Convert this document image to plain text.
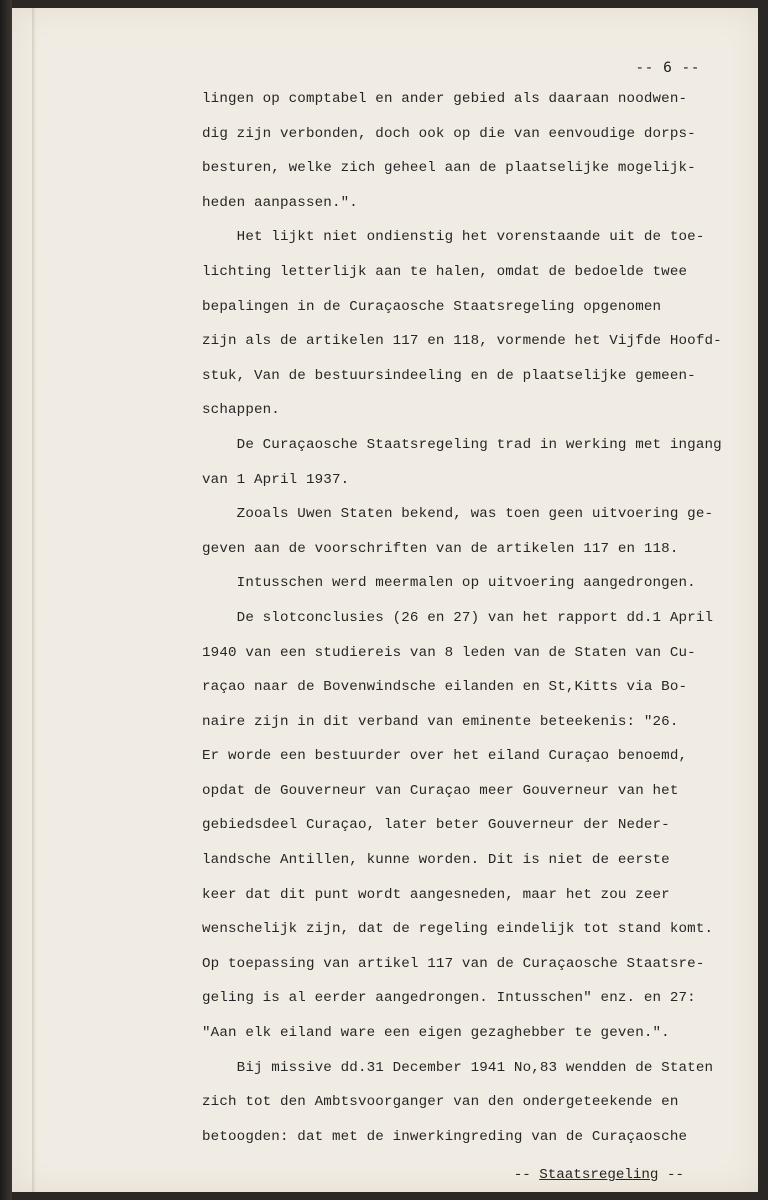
-- 6 --
lingen op comptabel en ander gebied als daaraan noodwen-
dig zijn verbonden, doch ook op die van eenvoudige dorps-
besturen, welke zich geheel aan de plaatselijke mogelijk-
heden aanpassen.".
Het lijkt niet ondienstig het vorenstaande uit de toe-
lichting letterlijk aan te halen, omdat de bedoelde twee
bepalingen in de Curaçaosche Staatsregeling opgenomen
zijn als de artikelen 117 en 118, vormende het Vijfde Hoofd-
stuk, Van de bestuursindeeling en de plaatselijke gemeen-
schappen.
De Curaçaosche Staatsregeling trad in werking met ingang
van 1 April 1937.
Zooals Uwen Staten bekend, was toen geen uitvoering ge-
geven aan de voorschriften van de artikelen 117 en 118.
Intusschen werd meermalen op uitvoering aangedrongen.
De slotconclusies (26 en 27) van het rapport dd.1 April
1940 van een studiereis van 8 leden van de Staten van Cu-
raçao naar de Bovenwindsche eilanden en St,Kitts via Bo-
naire zijn in dit verband van eminente beteekenis: "26.
Er worde een bestuurder over het eiland Curaçao benoemd,
opdat de Gouverneur van Curaçao meer Gouverneur van het
gebiedsdeel Curaçao, later beter Gouverneur der Neder-
landsche Antillen, kunne worden. Dit is niet de eerste
keer dat dit punt wordt aangesneden, maar het zou zeer
wenschelijk zijn, dat de regeling eindelijk tot stand komt.
Op toepassing van artikel 117 van de Curaçaosche Staatsre-
geling is al eerder aangedrongen. Intusschen" enz. en 27:
"Aan elk eiland ware een eigen gezaghebber te geven.".
Bij missive dd.31 December 1941 No,83 wendden de Staten
zich tot den Ambtsvoorganger van den ondergeteekende en
betoogden: dat met de inwerkingreding van de Curaçaosche
-- Staatsregeling --
